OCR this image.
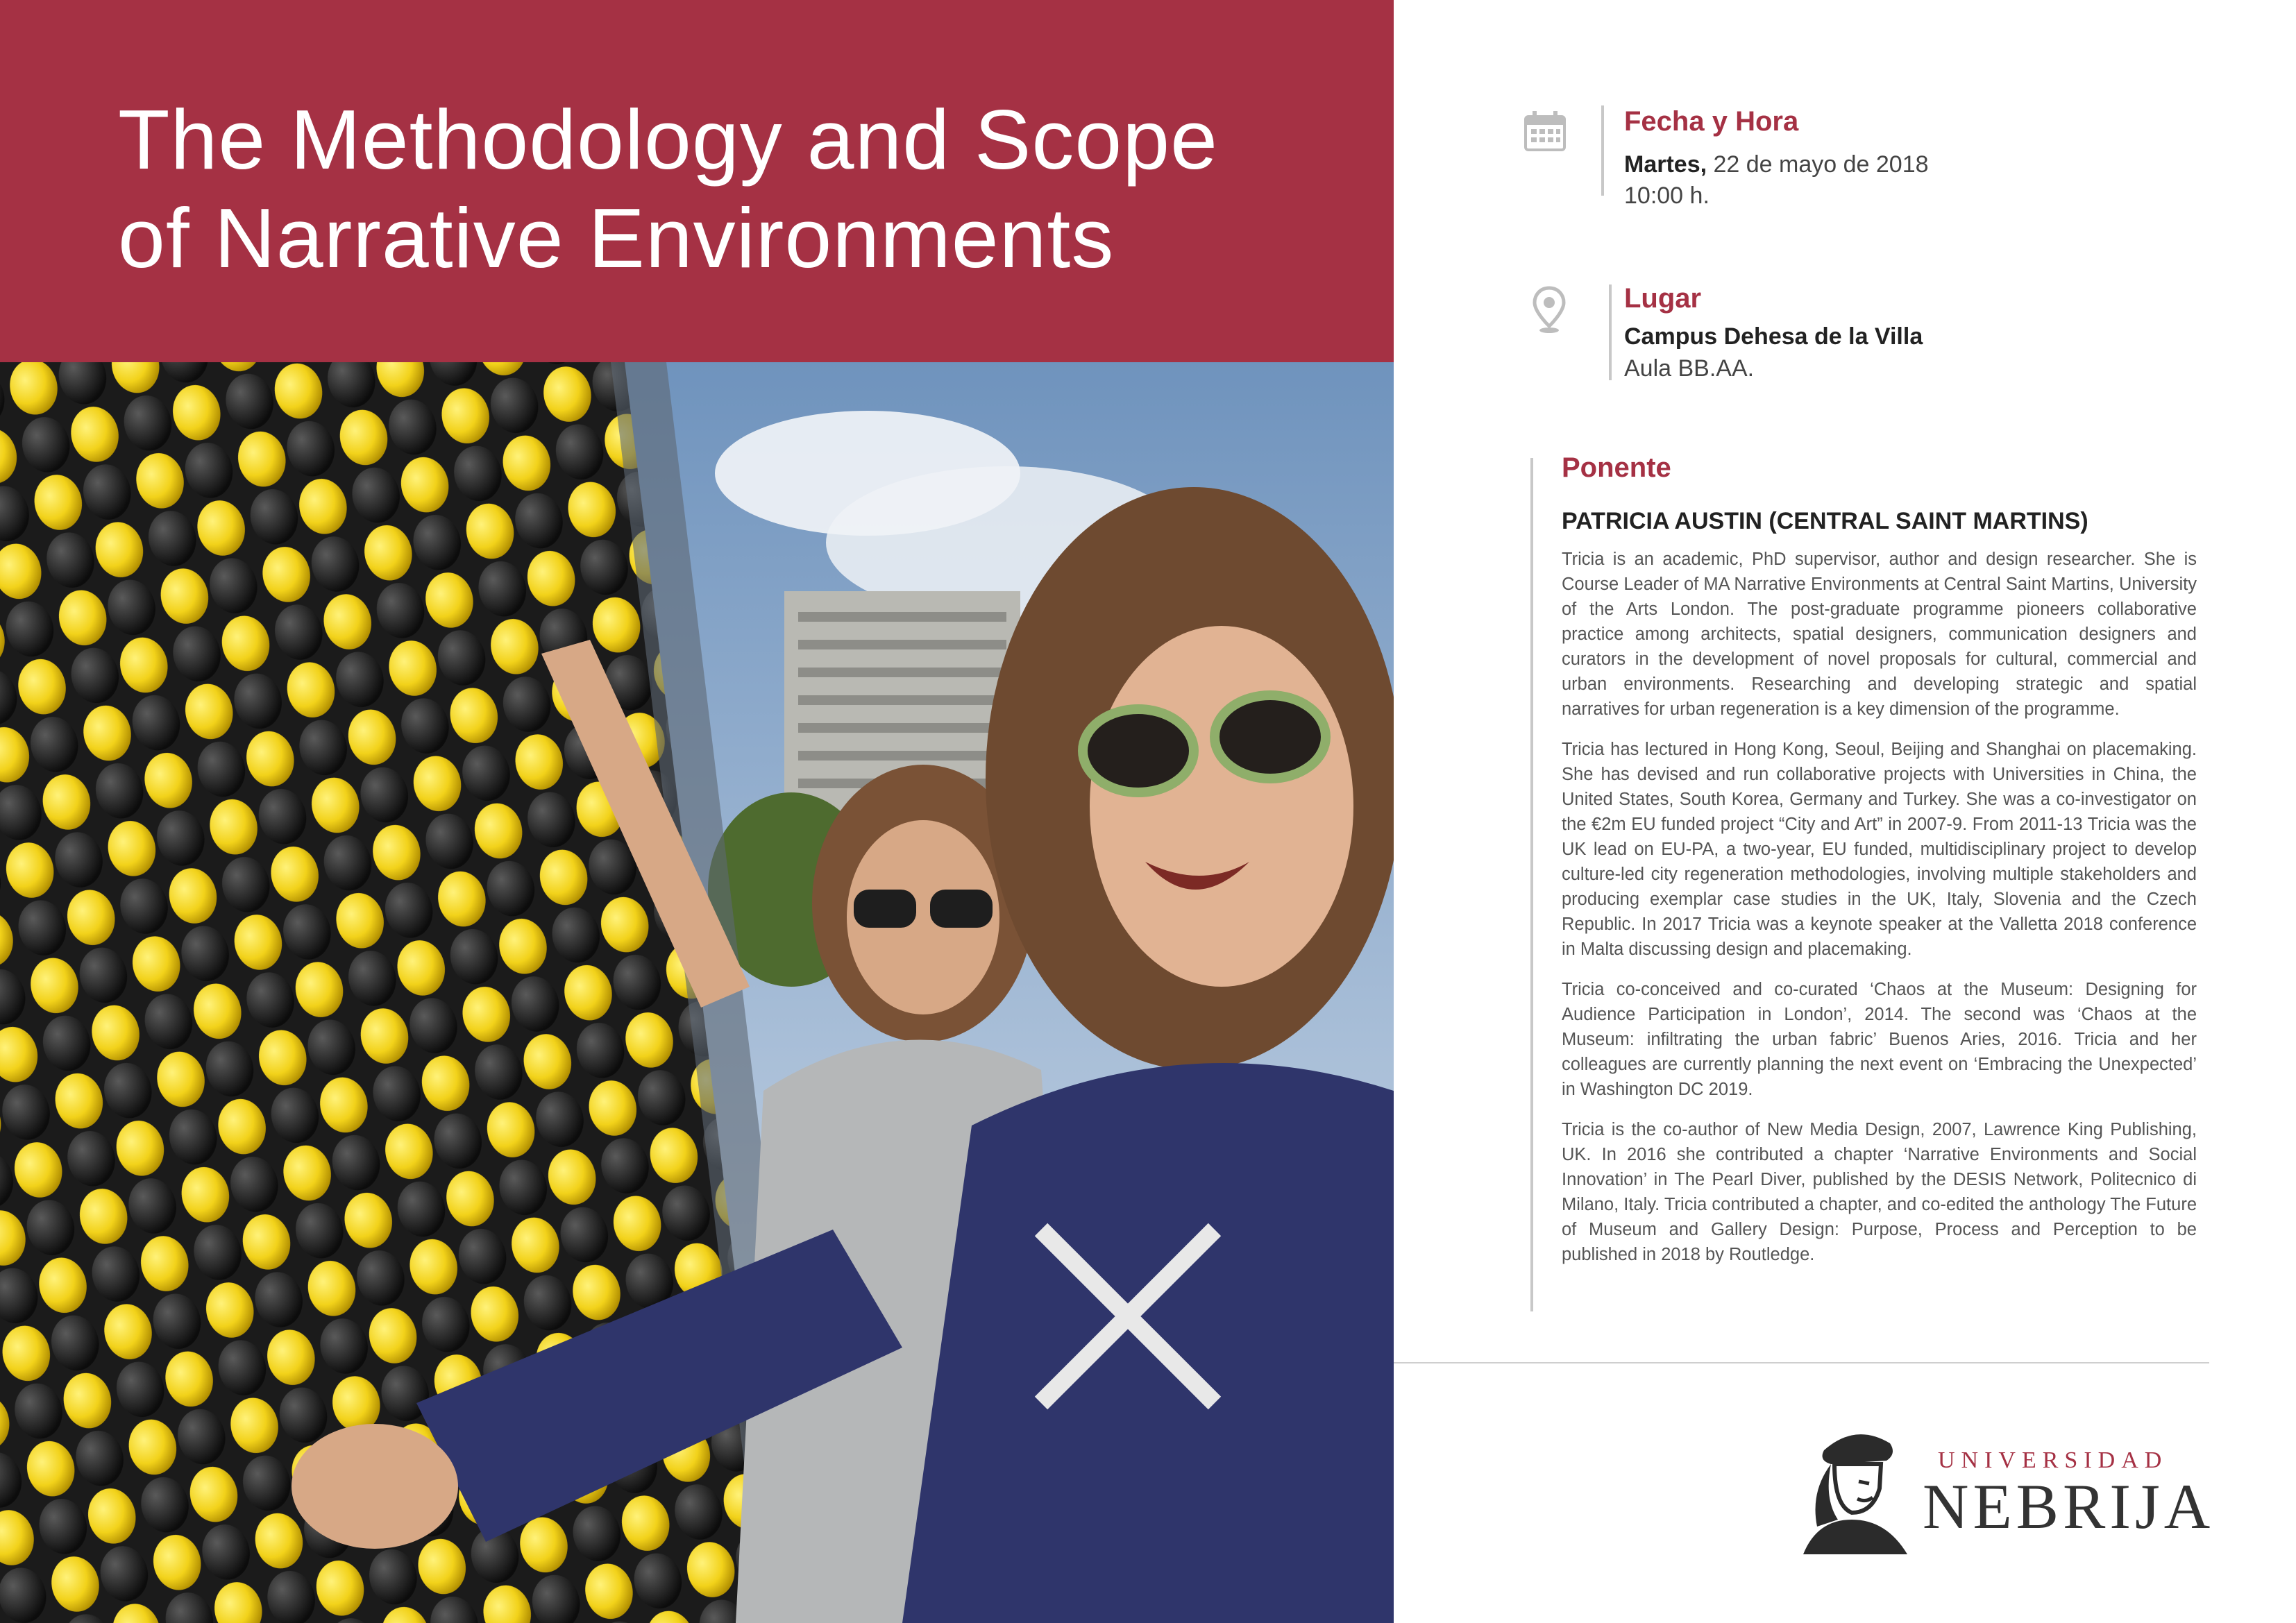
The Methodology and Scope
of Narrative Environments
Fecha y Hora
Martes, 22 de mayo de 2018
10:00 h.
Lugar
Campus Dehesa de la Villa
Aula BB.AA.
Ponente
PATRICIA AUSTIN (CENTRAL SAINT MARTINS)

Tricia is an academic, PhD supervisor, author and design researcher. She is Course Leader of MA Narrative Environments at Central Saint Martins, University of the Arts London. The post-graduate programme pioneers collaborative practice among architects, spatial designers, communication designers and curators in the development of novel proposals for cultural, commercial and urban environments. Researching and developing strategic and spatial narratives for urban regeneration is a key dimension of the programme.

Tricia has lectured in Hong Kong, Seoul, Beijing and Shanghai on placemaking. She has devised and run collaborative projects with Universities in China, the United States, South Korea, Germany and Turkey. She was a co-investigator on the €2m EU funded project “City and Art” in 2007-9. From 2011-13 Tricia was the UK lead on EU-PA, a two-year, EU funded, multidisciplinary project to develop culture-led city regeneration methodologies, involving multiple stakeholders and producing exemplar case studies in the UK, Italy, Slovenia and the Czech Republic. In 2017 Tricia was a keynote speaker at the Valletta 2018 conference in Malta discussing design and placemaking.

Tricia co-conceived and co-curated ‘Chaos at the Museum: Designing for Audience Participation in London’, 2014. The second was ‘Chaos at the Museum: infiltrating the urban fabric’ Buenos Aries, 2016. Tricia and her colleagues are currently planning the next event on ‘Embracing the Unexpected’ in Washington DC 2019.

Tricia is the co-author of New Media Design, 2007, Lawrence King Publishing, UK. In 2016 she contributed a chapter ‘Narrative Environments and Social Innovation’ in The Pearl Diver, published by the DESIS Network, Politecnico di Milano, Italy. Tricia contributed a chapter, and co-edited the anthology The Future of Museum and Gallery Design: Purpose, Process and Perception to be published in 2018 by Routledge.

UNIVERSIDAD
NEBRIJA
